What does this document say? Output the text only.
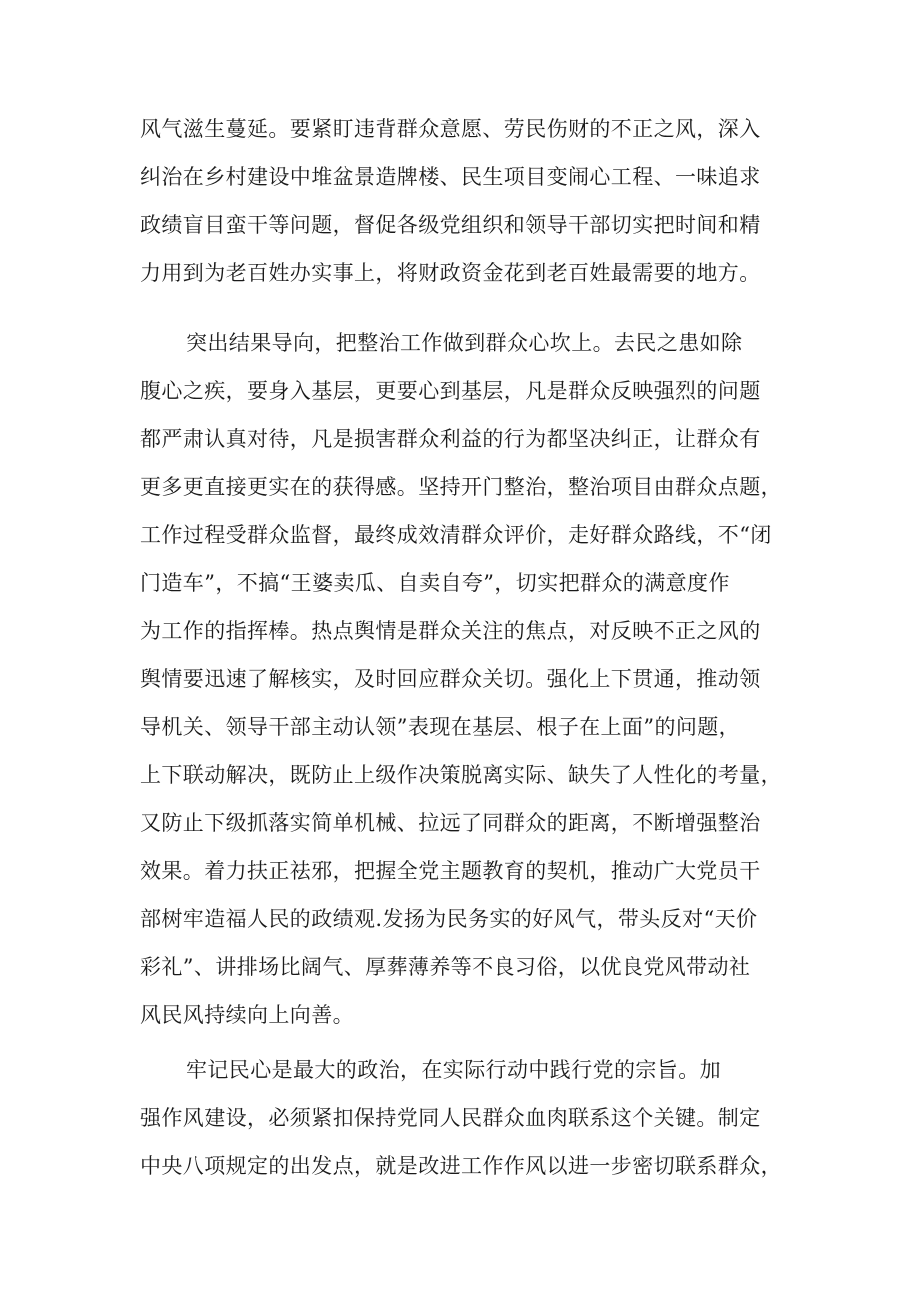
风气滋生蔓延。要紧盯违背群众意愿、劳民伤财的不正之风，深入
纠治在乡村建设中堆盆景造牌楼、民生项目变闹心工程、一味追求
政绩盲目蛮干等问题，督促各级党组织和领导干部切实把时间和精
力用到为老百姓办实事上，将财政资金花到老百姓最需要的地方。
突出结果导向，把整治工作做到群众心坎上。去民之患如除
腹心之疾，要身入基层，更要心到基层，凡是群众反映强烈的问题
都严肃认真对待，凡是损害群众利益的行为都坚决纠正，让群众有
更多更直接更实在的获得感。坚持开门整治，整治项目由群众点题，
工作过程受群众监督，最终成效清群众评价，走好群众路线，不“闭
门造车”，不搞“王婆卖瓜、自卖自夸”，切实把群众的满意度作
为工作的指挥棒。热点舆情是群众关注的焦点，对反映不正之风的
舆情要迅速了解核实，及时回应群众关切。强化上下贯通，推动领
导机关、领导干部主动认领”表现在基层、根子在上面”的问题，
上下联动解决，既防止上级作决策脱离实际、缺失了人性化的考量，
又防止下级抓落实简单机械、拉远了同群众的距离，不断增强整治
效果。着力扶正祛邪，把握全党主题教育的契机，推动广大党员干
部树牢造福人民的政绩观.发扬为民务实的好风气，带头反对“天价
彩礼”、讲排场比阔气、厚葬薄养等不良习俗，以优良党风带动社
风民风持续向上向善。
牢记民心是最大的政治，在实际行动中践行党的宗旨。加
强作风建设，必须紧扣保持党同人民群众血肉联系这个关键。制定
中央八项规定的出发点，就是改进工作作风以进一步密切联系群众，
